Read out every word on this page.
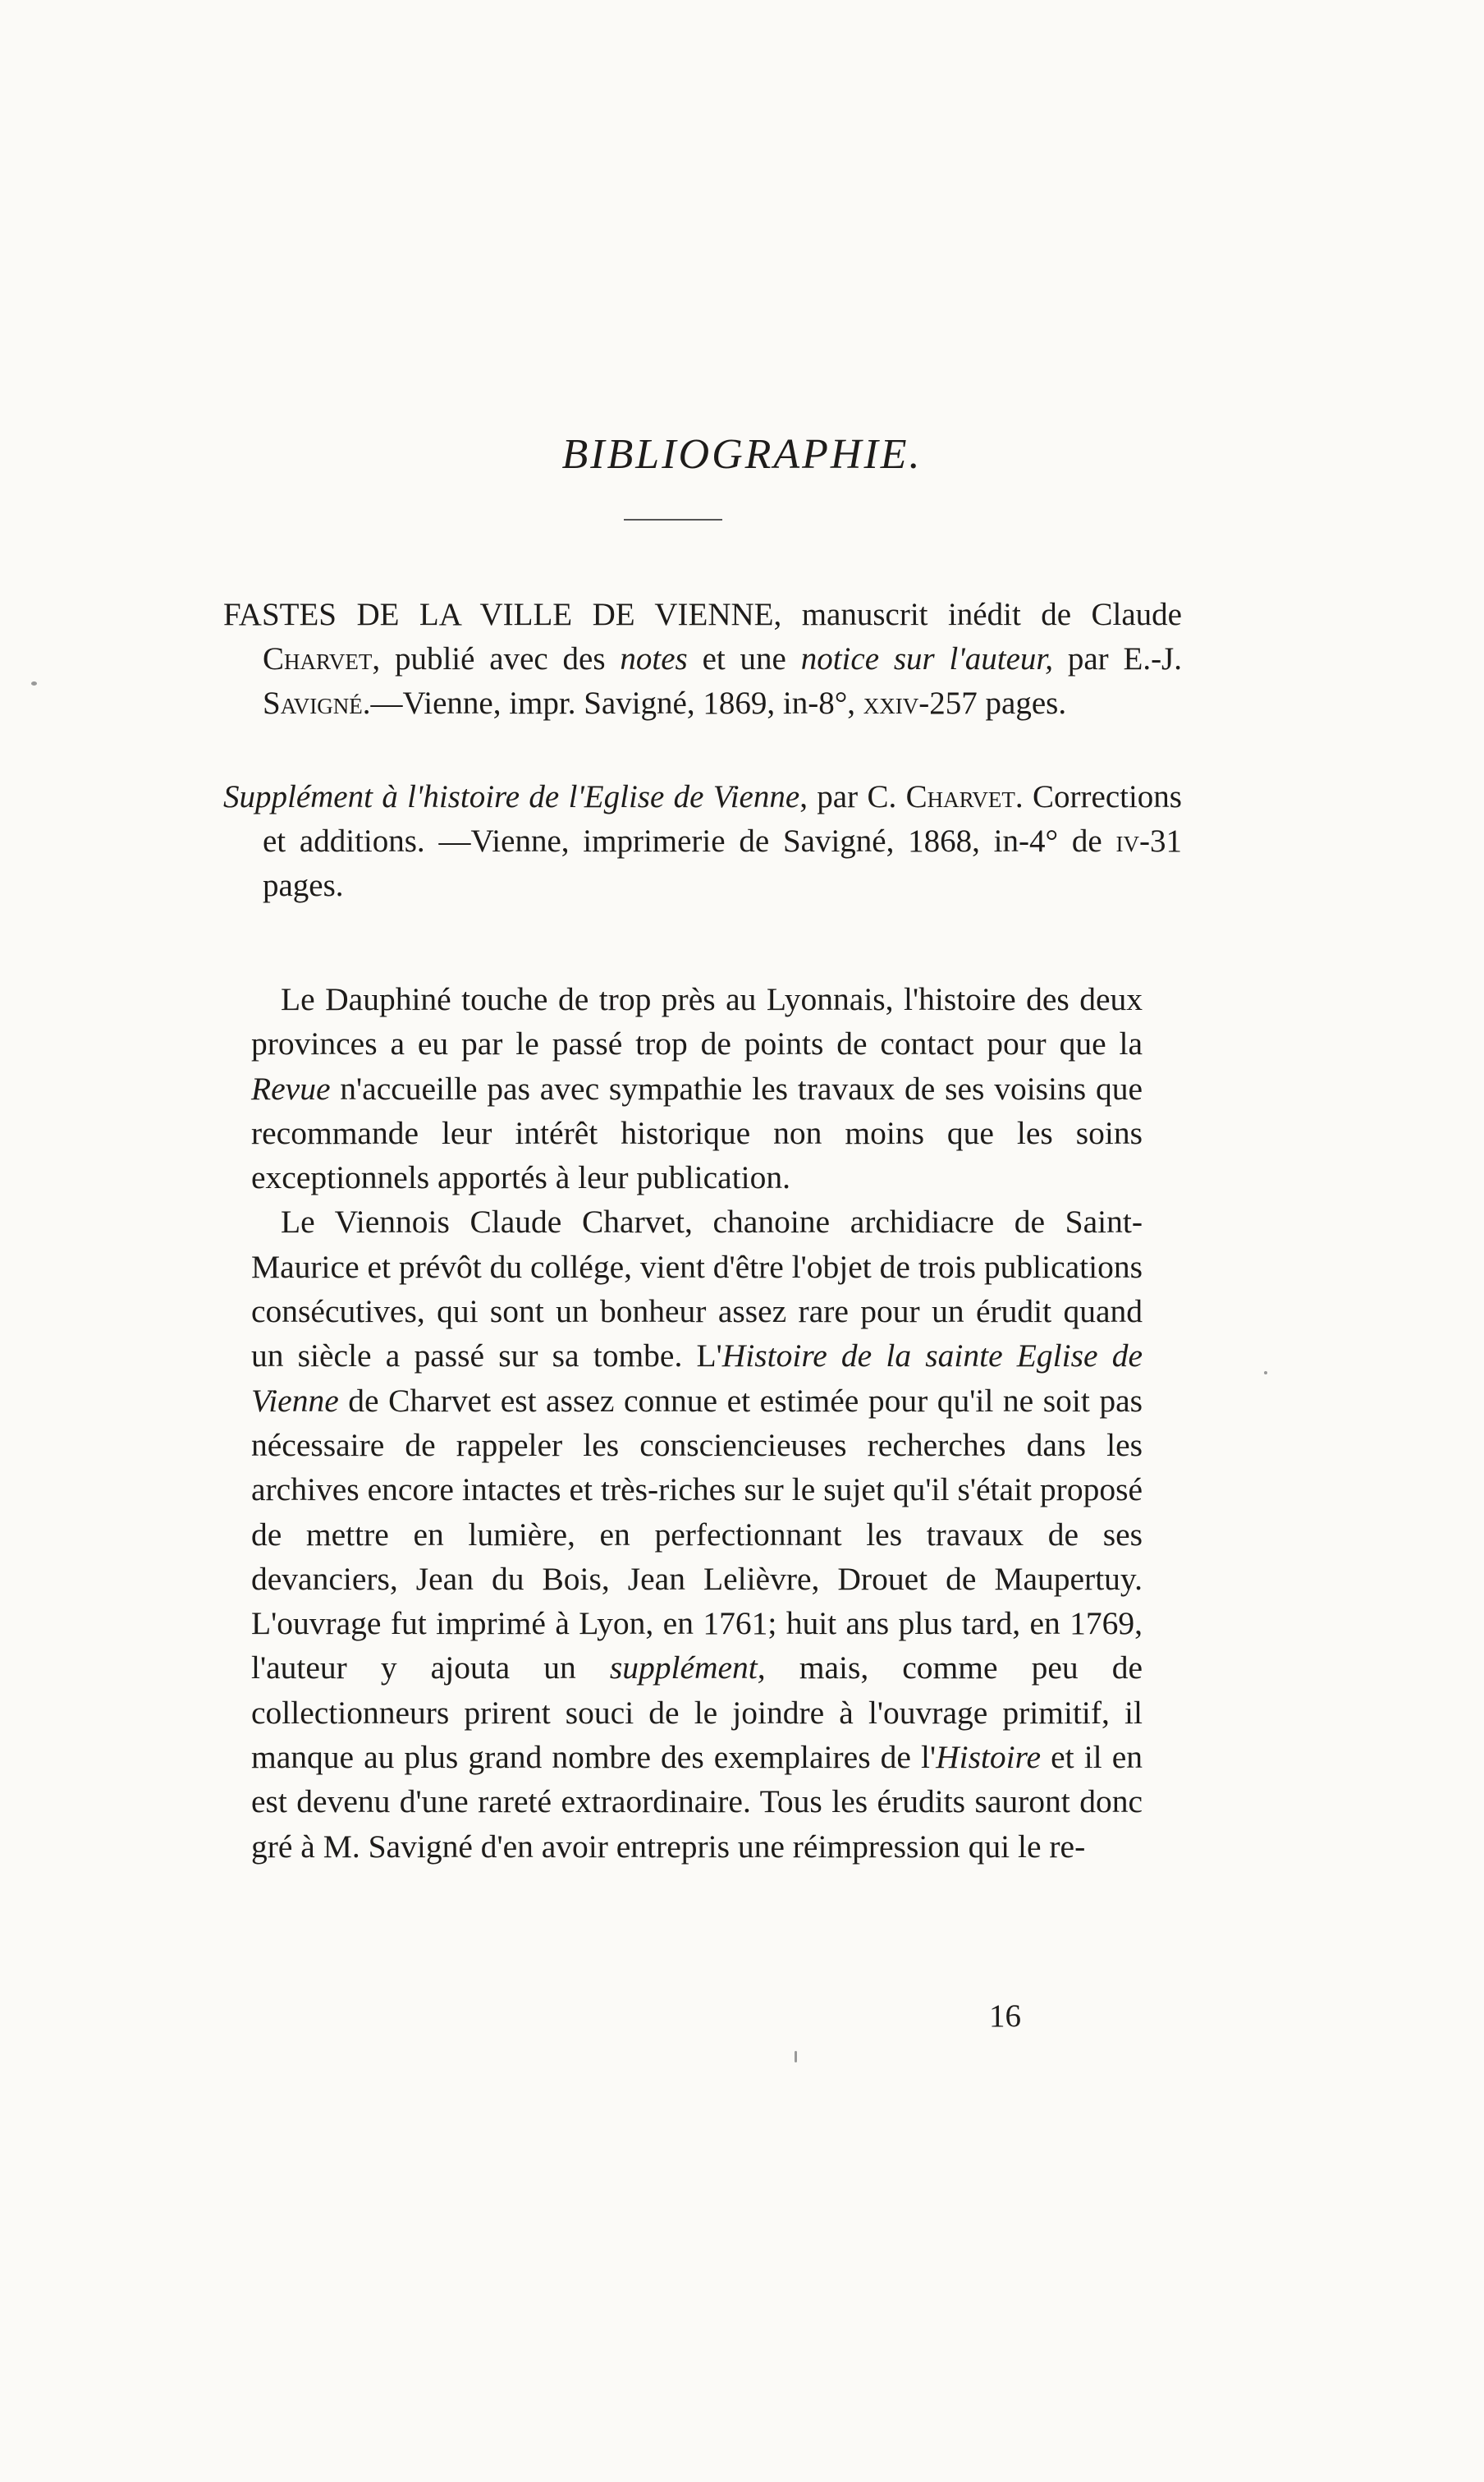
BIBLIOGRAPHIE.
FASTES DE LA VILLE DE VIENNE, manuscrit inédit de Claude Charvet, publié avec des notes et une notice sur l'auteur, par E.-J. Savigné.—Vienne, impr. Savigné, 1869, in-8°, xxiv-257 pages.
Supplément à l'histoire de l'Eglise de Vienne, par C. Charvet. Corrections et additions. —Vienne, imprimerie de Savigné, 1868, in-4° de iv-31 pages.

Le Dauphiné touche de trop près au Lyonnais, l'histoire des deux provinces a eu par le passé trop de points de contact pour que la Revue n'accueille pas avec sympathie les travaux de ses voisins que recommande leur intérêt historique non moins que les soins exceptionnels apportés à leur publication.

Le Viennois Claude Charvet, chanoine archidiacre de Saint-Maurice et prévôt du collége, vient d'être l'objet de trois publications consécutives, qui sont un bonheur assez rare pour un érudit quand un siècle a passé sur sa tombe. L'Histoire de la sainte Eglise de Vienne de Charvet est assez connue et estimée pour qu'il ne soit pas nécessaire de rappeler les consciencieuses recherches dans les archives encore intactes et très-riches sur le sujet qu'il s'était proposé de mettre en lumière, en perfectionnant les travaux de ses devanciers, Jean du Bois, Jean Lelièvre, Drouet de Maupertuy. L'ouvrage fut imprimé à Lyon, en 1761; huit ans plus tard, en 1769, l'auteur y ajouta un supplément, mais, comme peu de collectionneurs prirent souci de le joindre à l'ouvrage primitif, il manque au plus grand nombre des exemplaires de l'Histoire et il en est devenu d'une rareté extraordinaire. Tous les érudits sauront donc gré à M. Savigné d'en avoir entrepris une réimpression qui le re-

16
